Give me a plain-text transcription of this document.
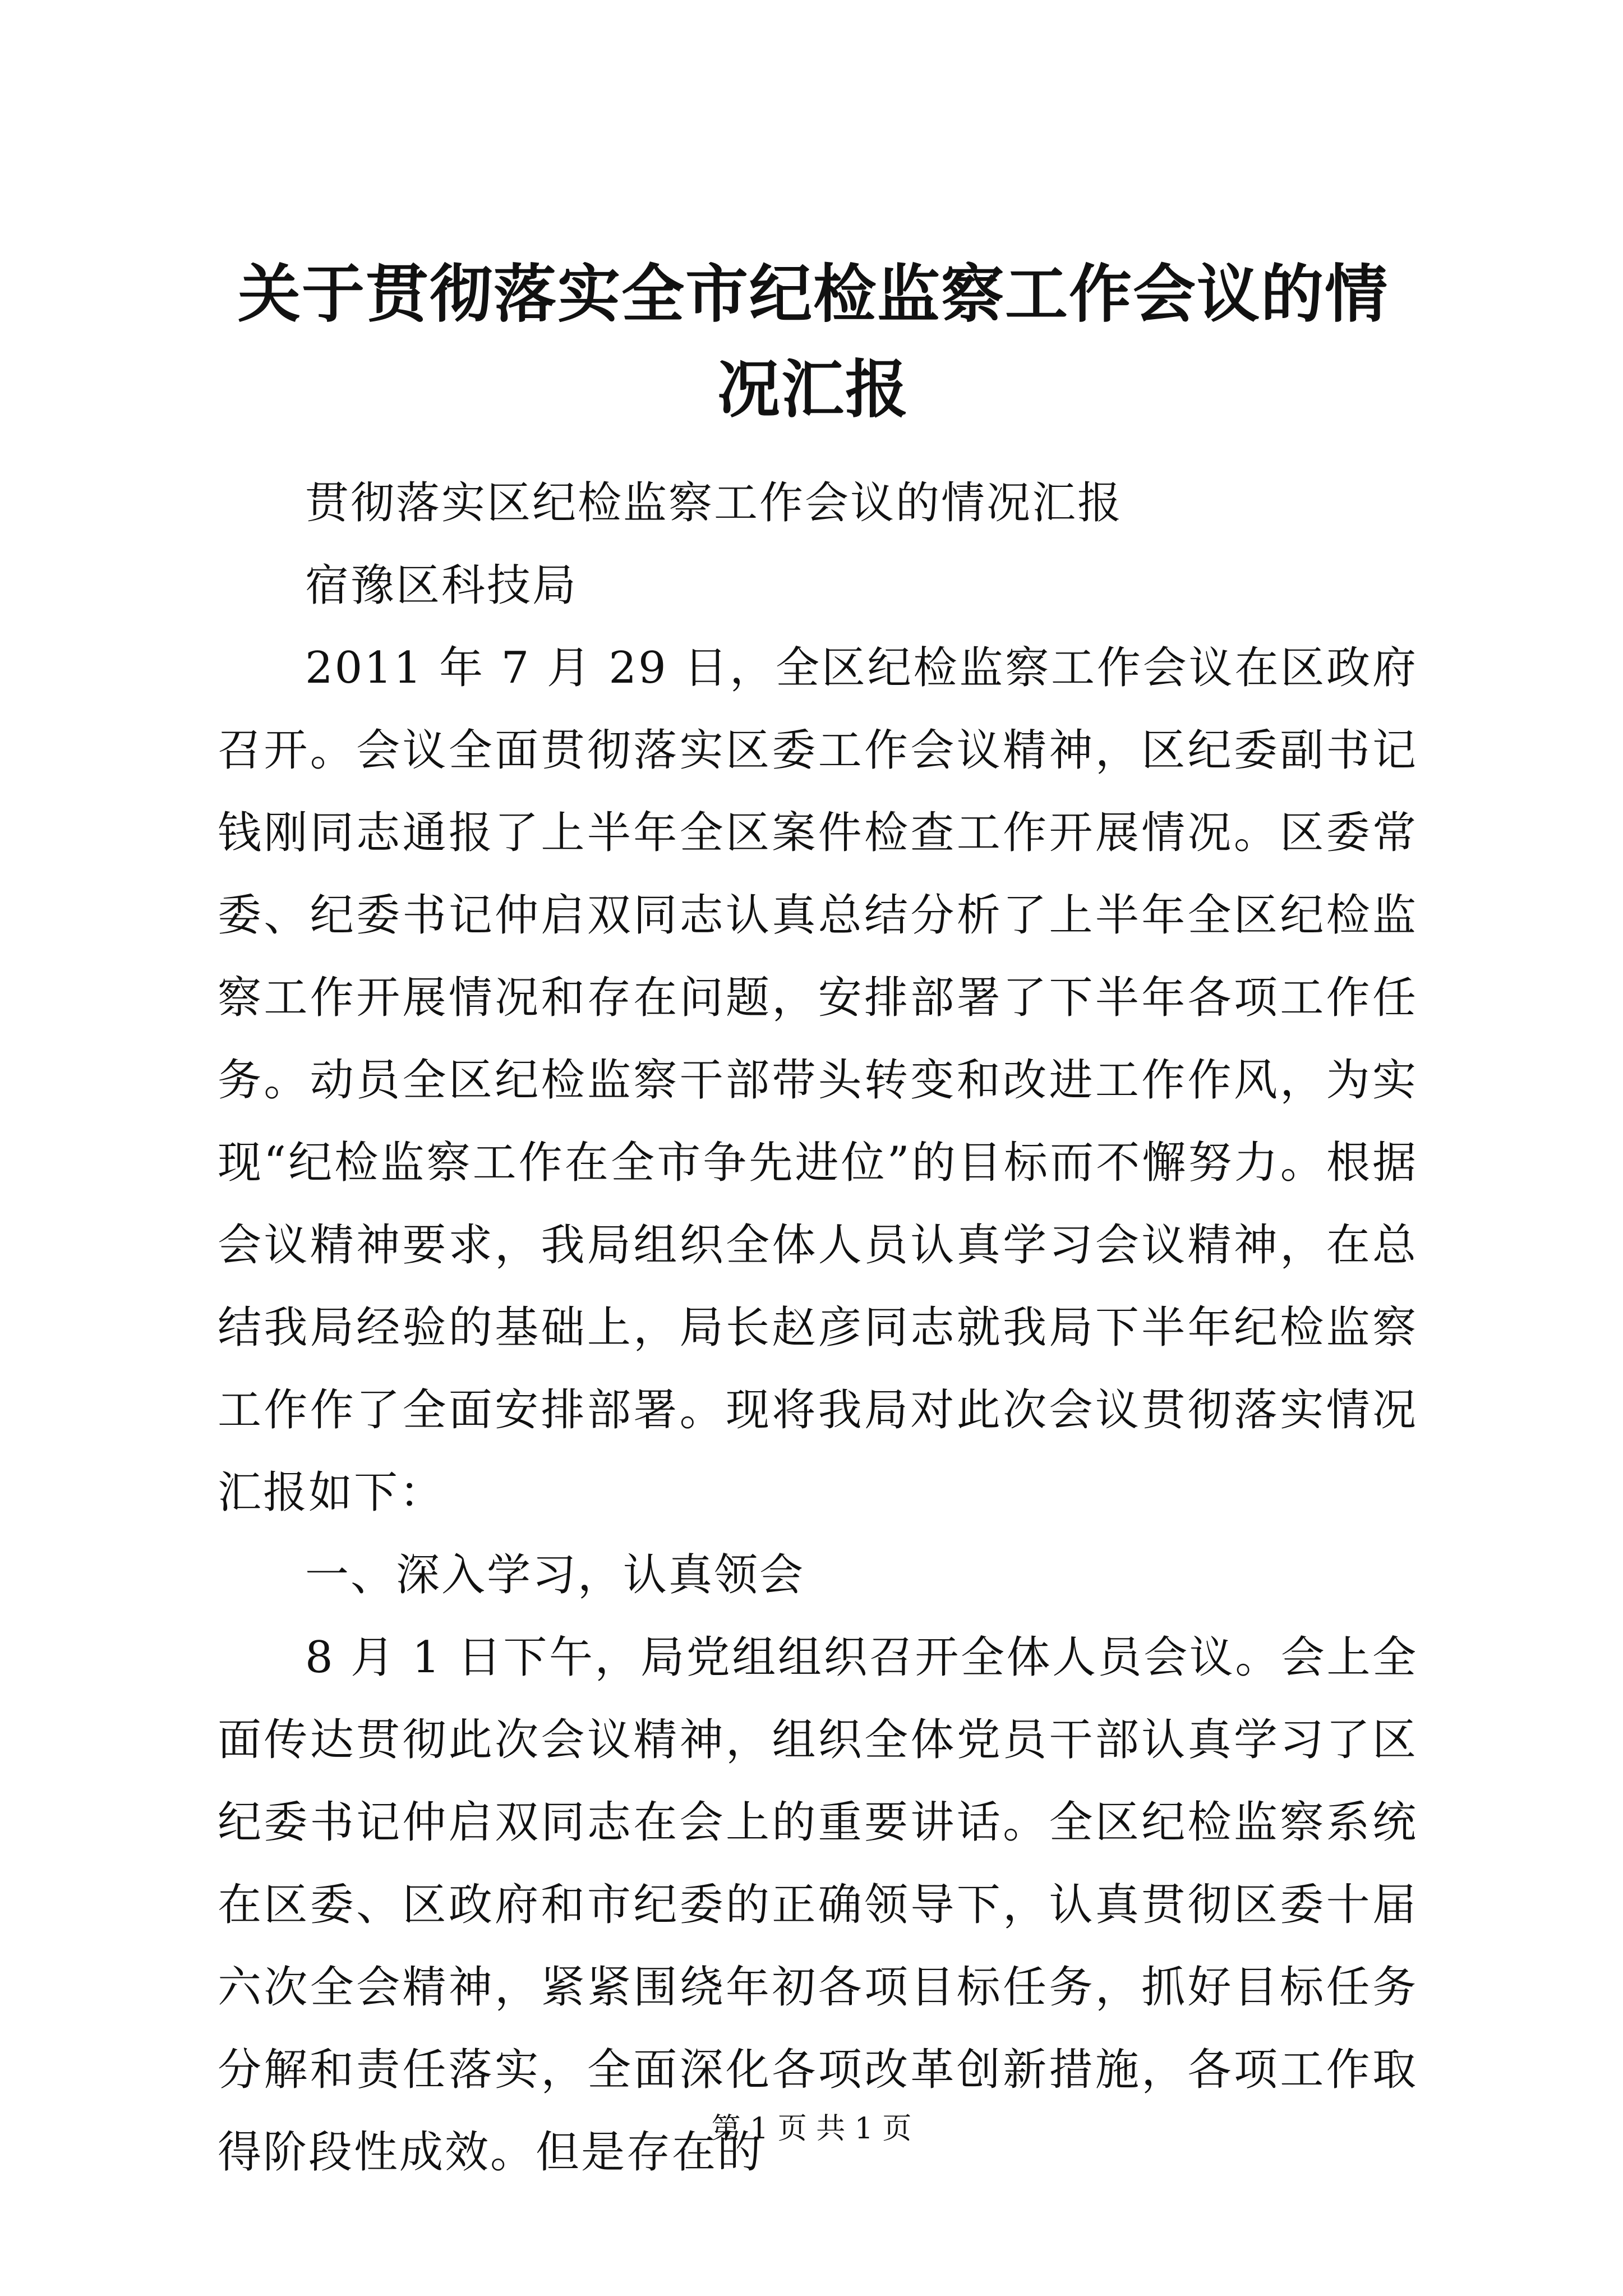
关于贯彻落实全市纪检监察工作会议的情况汇报

贯彻落实区纪检监察工作会议的情况汇报

宿豫区科技局

2011 年 7 月 29 日，全区纪检监察工作会议在区政府召开。会议全面贯彻落实区委工作会议精神，区纪委副书记钱刚同志通报了上半年全区案件检查工作开展情况。区委常委、纪委书记仲启双同志认真总结分析了上半年全区纪检监察工作开展情况和存在问题，安排部署了下半年各项工作任务。动员全区纪检监察干部带头转变和改进工作作风，为实现“纪检监察工作在全市争先进位”的目标而不懈努力。根据会议精神要求，我局组织全体人员认真学习会议精神，在总结我局经验的基础上，局长赵彦同志就我局下半年纪检监察工作作了全面安排部署。现将我局对此次会议贯彻落实情况汇报如下：

一、深入学习，认真领会

8 月 1 日下午，局党组组织召开全体人员会议。会上全面传达贯彻此次会议精神，组织全体党员干部认真学习了区纪委书记仲启双同志在会上的重要讲话。全区纪检监察系统在区委、区政府和市纪委的正确领导下，认真贯彻区委十届六次全会精神，紧紧围绕年初各项目标任务，抓好目标任务分解和责任落实，全面深化各项改革创新措施，各项工作取得阶段性成效。但是存在的

第 1 页 共 1 页
